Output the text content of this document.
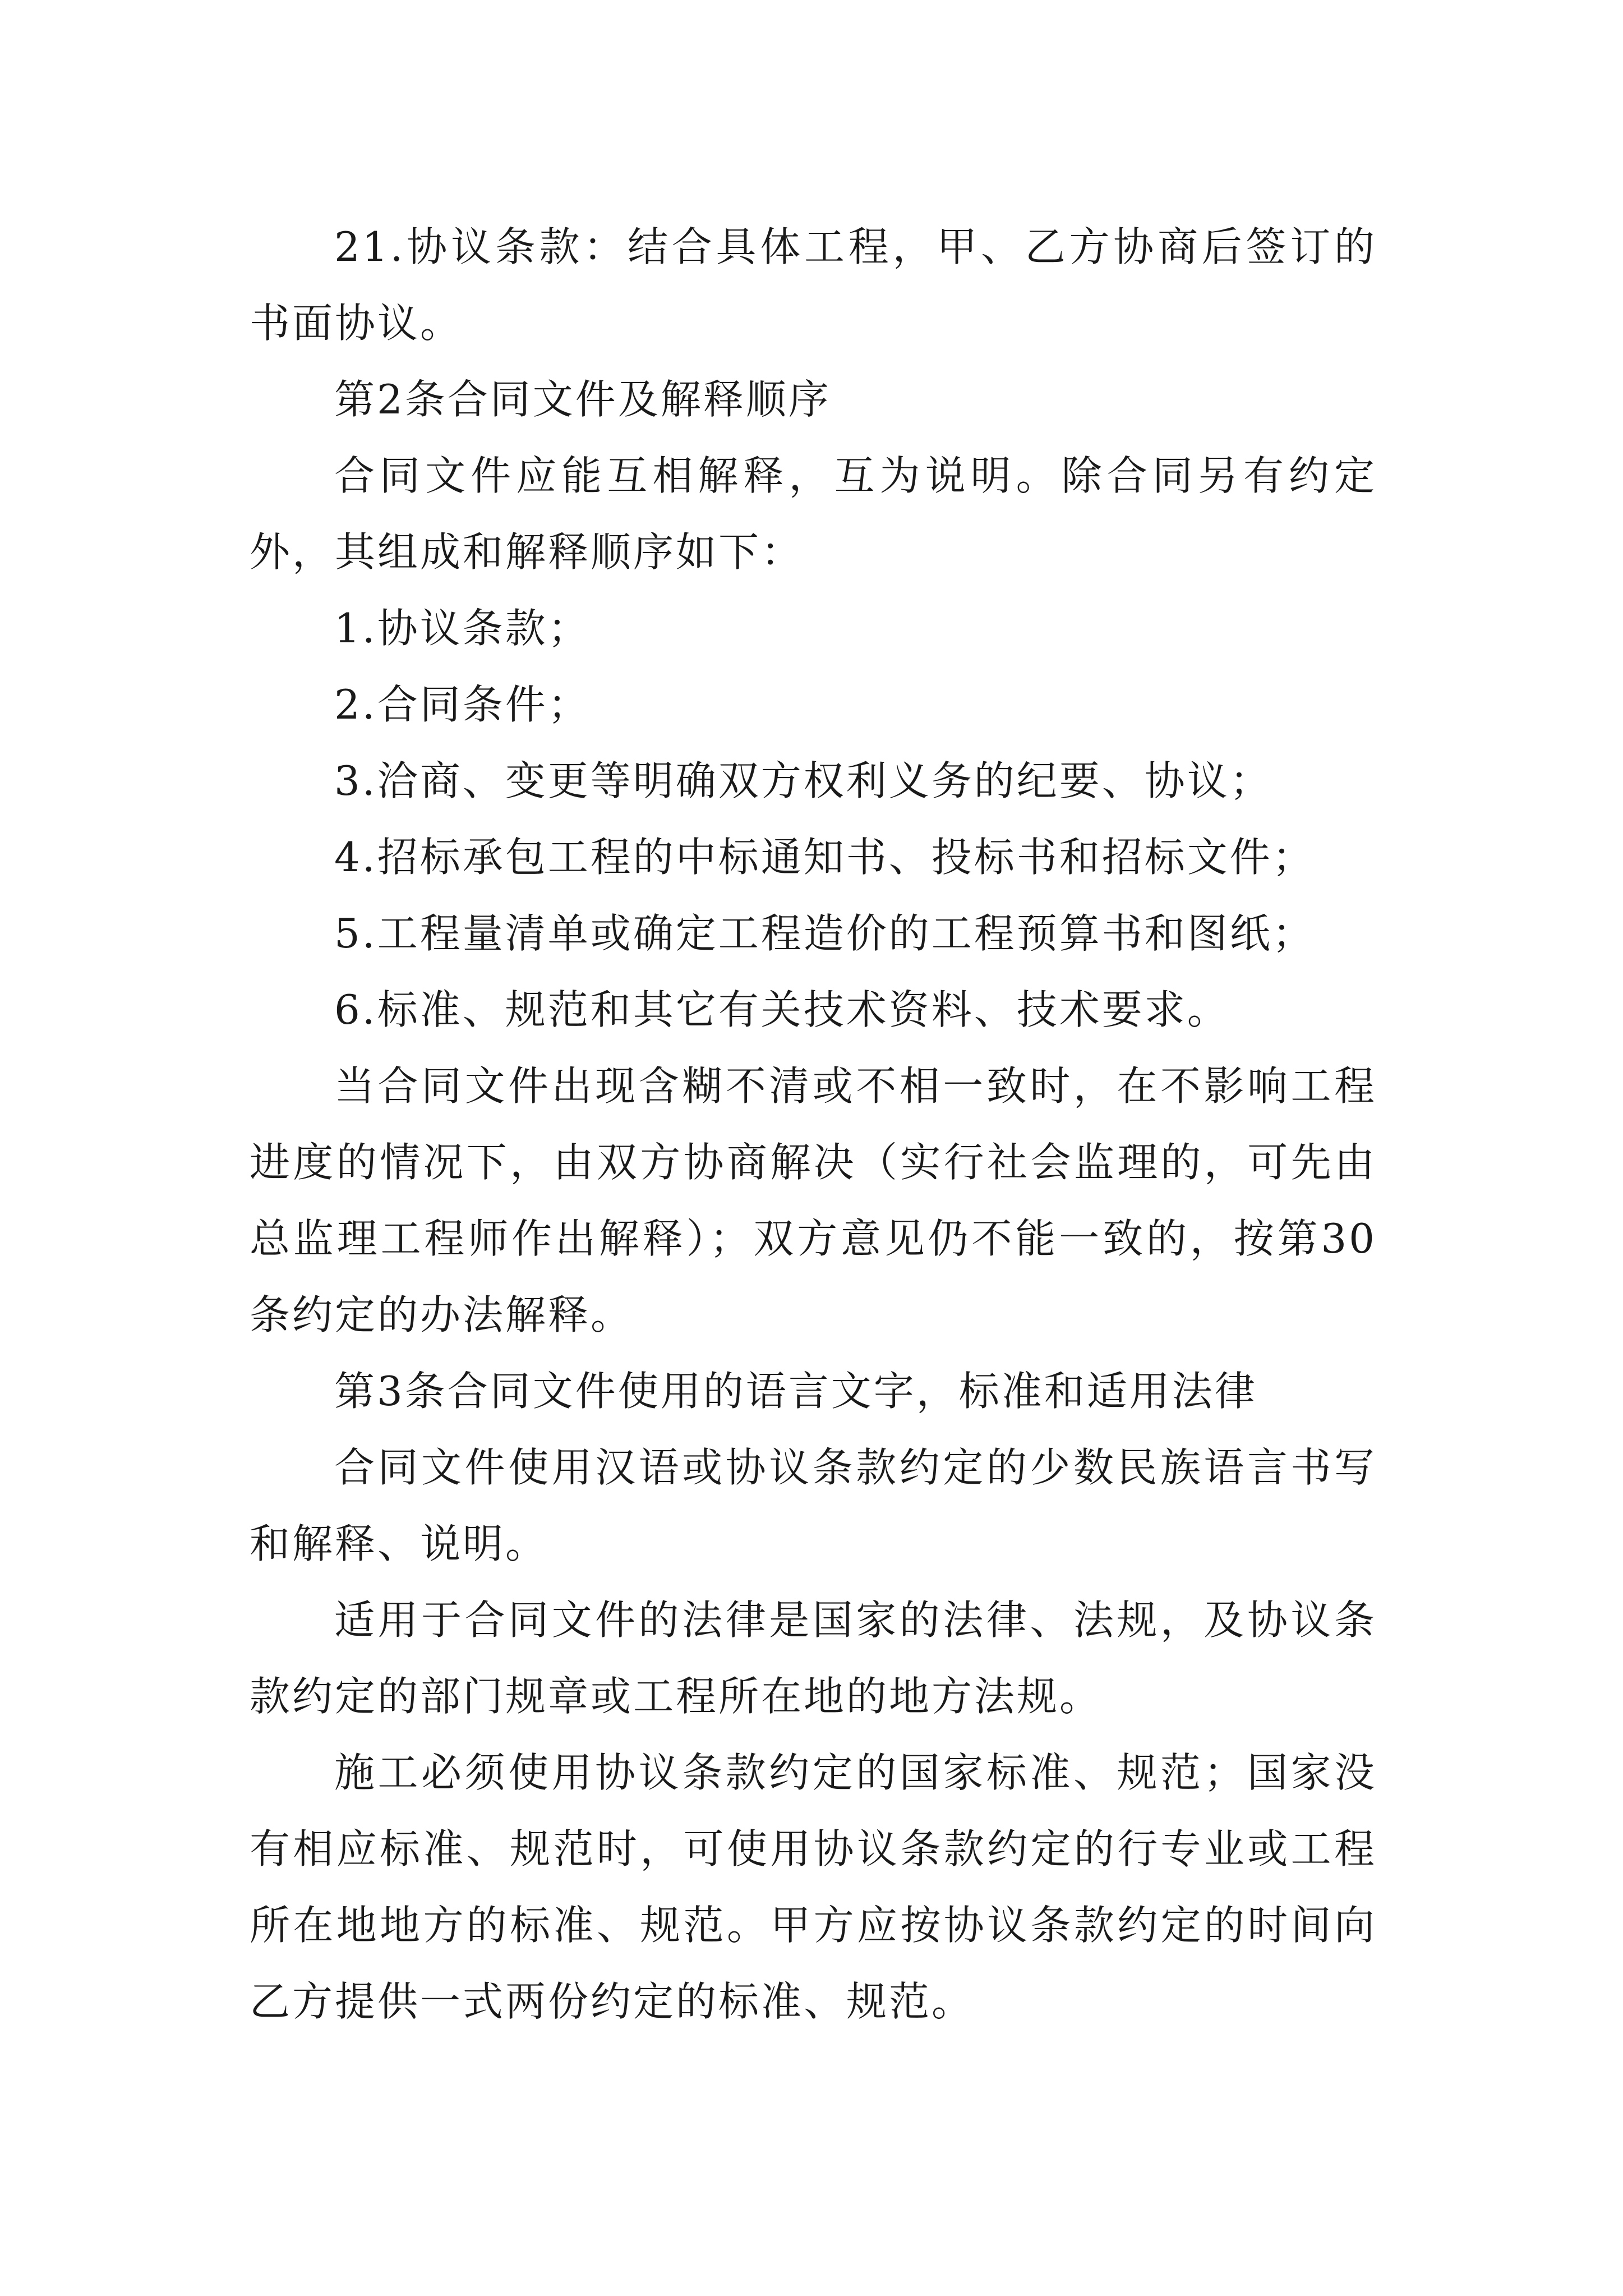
21.协议条款：结合具体工程，甲、乙方协商后签订的书面协议。

第2条合同文件及解释顺序

合同文件应能互相解释，互为说明。除合同另有约定外，其组成和解释顺序如下：

1.协议条款；

2.合同条件；

3.洽商、变更等明确双方权利义务的纪要、协议；

4.招标承包工程的中标通知书、投标书和招标文件；

5.工程量清单或确定工程造价的工程预算书和图纸；

6.标准、规范和其它有关技术资料、技术要求。

当合同文件出现含糊不清或不相一致时，在不影响工程进度的情况下，由双方协商解决（实行社会监理的，可先由总监理工程师作出解释）；双方意见仍不能一致的，按第30条约定的办法解释。

第3条合同文件使用的语言文字，标准和适用法律

合同文件使用汉语或协议条款约定的少数民族语言书写和解释、说明。

适用于合同文件的法律是国家的法律、法规，及协议条款约定的部门规章或工程所在地的地方法规。

施工必须使用协议条款约定的国家标准、规范；国家没有相应标准、规范时，可使用协议条款约定的行专业或工程所在地地方的标准、规范。甲方应按协议条款约定的时间向乙方提供一式两份约定的标准、规范。
